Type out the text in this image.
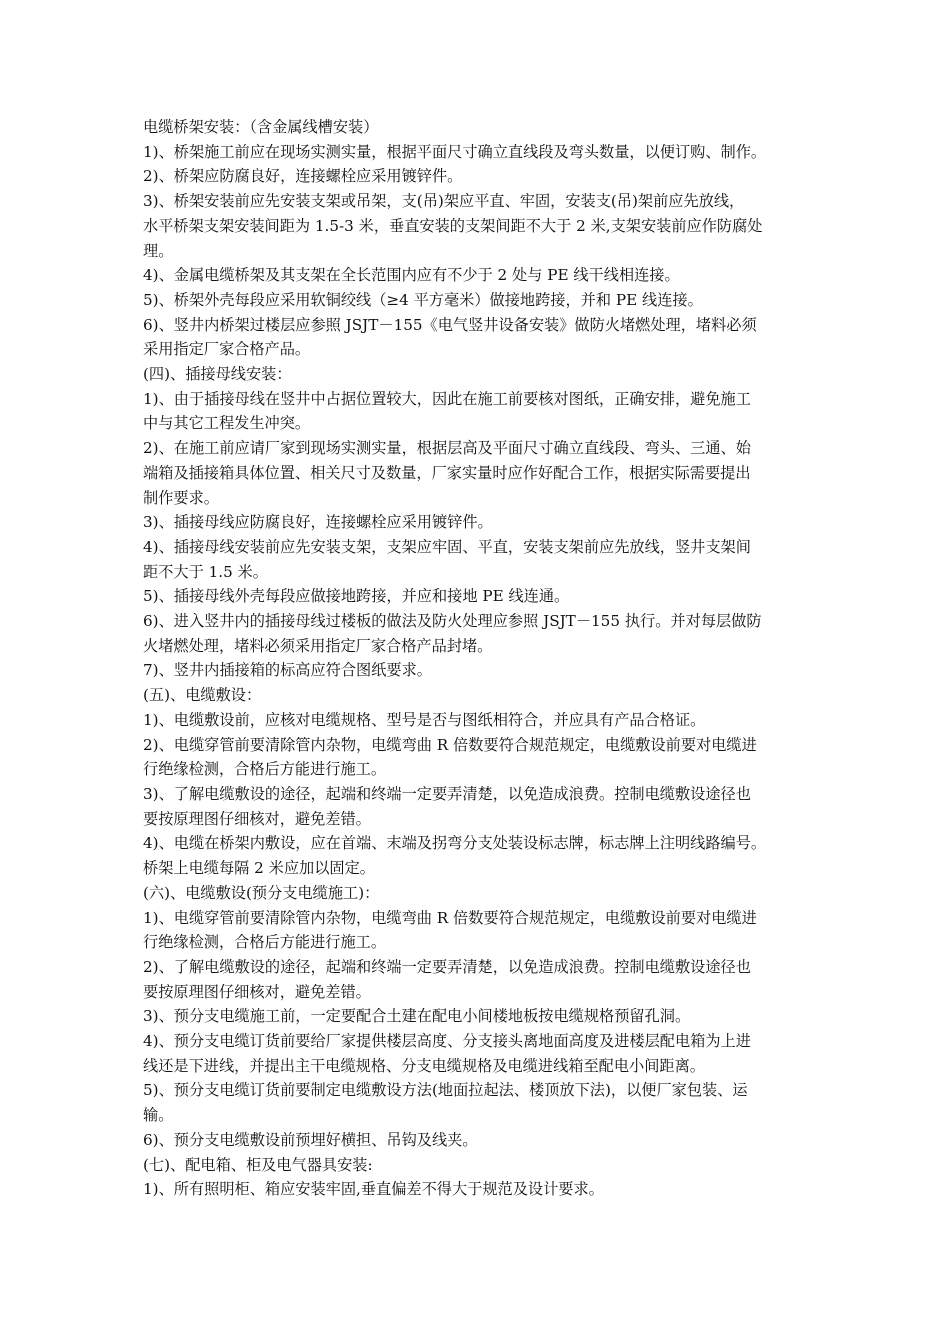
电缆桥架安装：（含金属线槽安装）

1)、桥架施工前应在现场实测实量，根据平面尺寸确立直线段及弯头数量，以便订购、制作。

2)、桥架应防腐良好，连接螺栓应采用镀锌件。

3)、桥架安装前应先安装支架或吊架，支(吊)架应平直、牢固，安装支(吊)架前应先放线，

水平桥架支架安装间距为 1.5-3 米，垂直安装的支架间距不大于 2 米,支架安装前应作防腐处

理。

4)、金属电缆桥架及其支架在全长范围内应有不少于 2 处与 PE 线干线相连接。

5)、桥架外壳每段应采用软铜绞线（≥4 平方毫米）做接地跨接，并和 PE 线连接。

6)、竖井内桥架过楼层应参照 JSJT－155《电气竖井设备安装》做防火堵燃处理，堵料必须

采用指定厂家合格产品。

(四)、插接母线安装：

1)、由于插接母线在竖井中占据位置较大，因此在施工前要核对图纸，正确安排，避免施工

中与其它工程发生冲突。

2)、在施工前应请厂家到现场实测实量，根据层高及平面尺寸确立直线段、弯头、三通、始

端箱及插接箱具体位置、相关尺寸及数量，厂家实量时应作好配合工作，根据实际需要提出

制作要求。

3)、插接母线应防腐良好，连接螺栓应采用镀锌件。

4)、插接母线安装前应先安装支架，支架应牢固、平直，安装支架前应先放线，竖井支架间

距不大于 1.5 米。

5)、插接母线外壳每段应做接地跨接，并应和接地 PE 线连通。

6)、进入竖井内的插接母线过楼板的做法及防火处理应参照 JSJT－155 执行。并对每层做防

火堵燃处理，堵料必须采用指定厂家合格产品封堵。

7)、竖井内插接箱的标高应符合图纸要求。

(五)、电缆敷设：

1)、电缆敷设前，应核对电缆规格、型号是否与图纸相符合，并应具有产品合格证。

2)、电缆穿管前要清除管内杂物，电缆弯曲 R 倍数要符合规范规定，电缆敷设前要对电缆进

行绝缘检测，合格后方能进行施工。

3)、了解电缆敷设的途径，起端和终端一定要弄清楚，以免造成浪费。控制电缆敷设途径也

要按原理图仔细核对，避免差错。

4)、电缆在桥架内敷设，应在首端、末端及拐弯分支处装设标志牌，标志牌上注明线路编号。

桥架上电缆每隔 2 米应加以固定。

(六)、电缆敷设(预分支电缆施工)：

1)、电缆穿管前要清除管内杂物，电缆弯曲 R 倍数要符合规范规定，电缆敷设前要对电缆进

行绝缘检测，合格后方能进行施工。

2)、了解电缆敷设的途径，起端和终端一定要弄清楚，以免造成浪费。控制电缆敷设途径也

要按原理图仔细核对，避免差错。

3)、预分支电缆施工前，一定要配合土建在配电小间楼地板按电缆规格预留孔洞。

4)、预分支电缆订货前要给厂家提供楼层高度、分支接头离地面高度及进楼层配电箱为上进

线还是下进线，并提出主干电缆规格、分支电缆规格及电缆进线箱至配电小间距离。

5)、预分支电缆订货前要制定电缆敷设方法(地面拉起法、楼顶放下法)，以便厂家包装、运

输。

6)、预分支电缆敷设前预埋好横担、吊钩及线夹。

(七)、配电箱、柜及电气器具安装:

1)、所有照明柜、箱应安装牢固,垂直偏差不得大于规范及设计要求。
